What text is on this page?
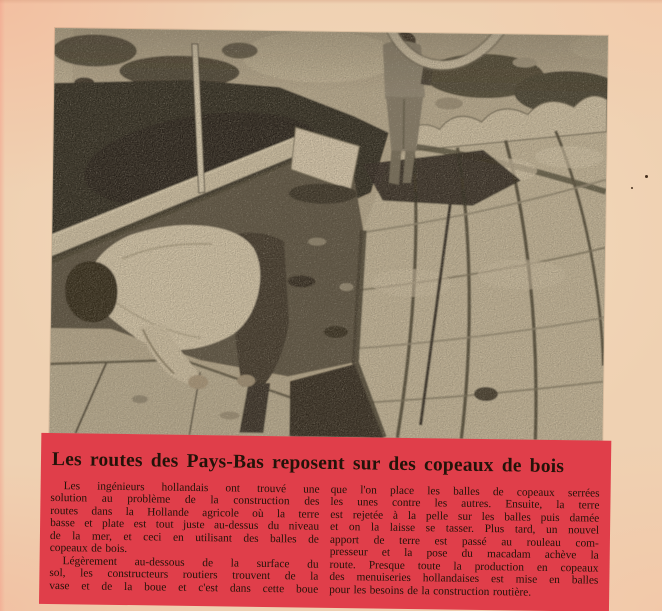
Les routes des Pays-Bas reposent sur des copeaux de bois
Les ingénieurs hollandais ont trouvé une
solution au problème de la construction des
routes dans la Hollande agricole où la terre
basse et plate est tout juste au-dessus du niveau
de la mer, et ceci en utilisant des balles de
copeaux de bois.
Légèrement au-dessous de la surface du
sol, les constructeurs routiers trouvent de la
vase et de la boue et c'est dans cette boue
que l'on place les balles de copeaux serrées
les unes contre les autres. Ensuite, la terre
est rejetée à la pelle sur les balles puis damée
et on la laisse se tasser. Plus tard, un nouvel
apport de terre est passé au rouleau com-
presseur et la pose du macadam achève la
route. Presque toute la production en copeaux
des menuiseries hollandaises est mise en balles
pour les besoins de la construction routière.
